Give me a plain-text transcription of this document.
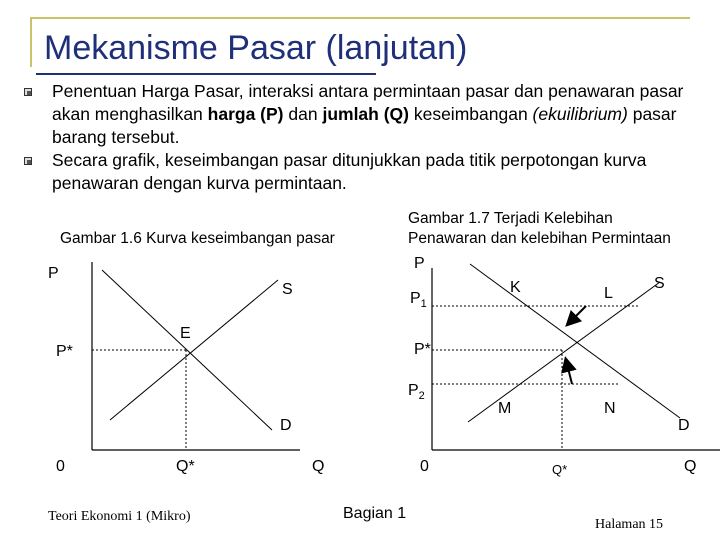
Mekanisme Pasar (lanjutan)
Penentuan Harga Pasar, interaksi antara permintaan pasar dan penawaran pasar akan menghasilkan harga (P) dan jumlah (Q) keseimbangan (ekuilibrium) pasar barang tersebut.
Secara grafik, keseimbangan pasar ditunjukkan pada titik perpotongan kurva penawaran dengan kurva permintaan.
Gambar 1.6 Kurva keseimbangan pasar
Gambar 1.7 Terjadi Kelebihan
Penawaran dan kelebihan Permintaan
P
S
E
P*
D
0	Q*	Q
P
$P_1$
K	L
S
P*
$P_2$
M	N
D
0	Q*	Q
Teori Ekonomi 1 (Mikro)	Bagian 1
Halaman 15
